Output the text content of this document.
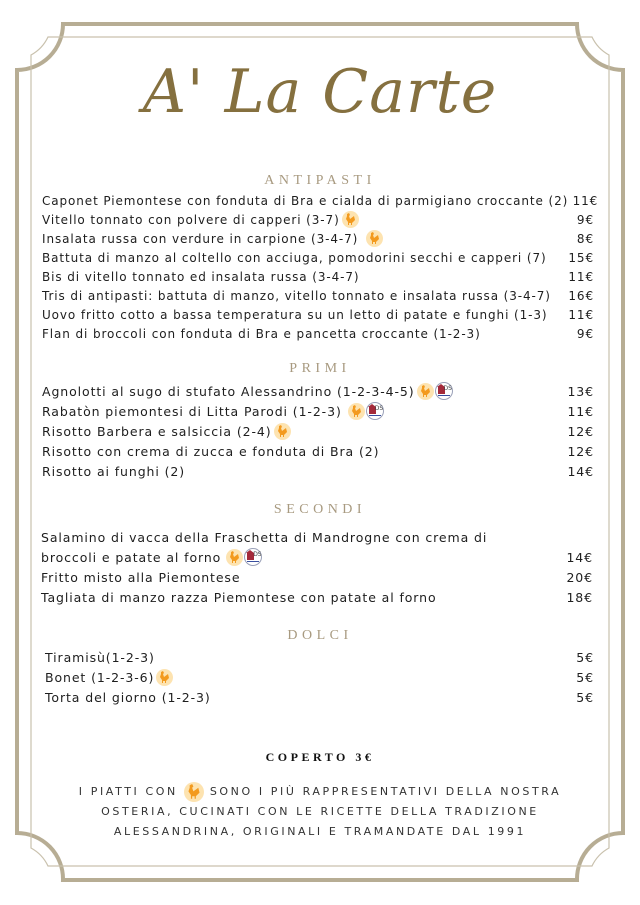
A' La Carte
ANTIPASTI
Caponet Piemontese con fonduta di Bra e cialda di parmigiano croccante (2) 11€
Vitello tonnato con polvere di capperi (3-7)	9€
Insalata russa con verdure in carpione (3-4-7)	8€
Battuta di manzo al coltello con acciuga, pomodorini secchi e capperi (7)	15€
Bis di vitello tonnato ed insalata russa (3-4-7)	11€
Tris di antipasti: battuta di manzo, vitello tonnato e insalata russa (3-4-7)	16€
Uovo fritto cotto a bassa temperatura su un letto di patate e funghi (1-3)	11€
Flan di broccoli con fonduta di Bra e pancetta croccante (1-2-3)	9€
PRIMI
Agnolotti al sugo di stufato Alessandrino (1-2-3-4-5)	DS	13€
Rabatòn piemontesi di Litta Parodi (1-2-3)	DS	11€
Risotto Barbera e salsiccia (2-4)	12€
Risotto con crema di zucca e fonduta di Bra (2)	12€
Risotto ai funghi (2)	14€
SECONDI
Salamino di vacca della Fraschetta di Mandrogne con crema di
broccoli e patate al forno	DS	14€
Fritto misto alla Piemontese	20€
Tagliata di manzo razza Piemontese con patate al forno	18€
DOLCI
Tiramisù(1-2-3)	5€
Bonet (1-2-3-6)	5€
Torta del giorno (1-2-3)	5€
COPERTO 3€
I PIATTI CON	SONO I PIÙ RAPPRESENTATIVI DELLA NOSTRA
OSTERIA, CUCINATI CON LE RICETTE DELLA TRADIZIONE
ALESSANDRINA, ORIGINALI E TRAMANDATE DAL 1991
